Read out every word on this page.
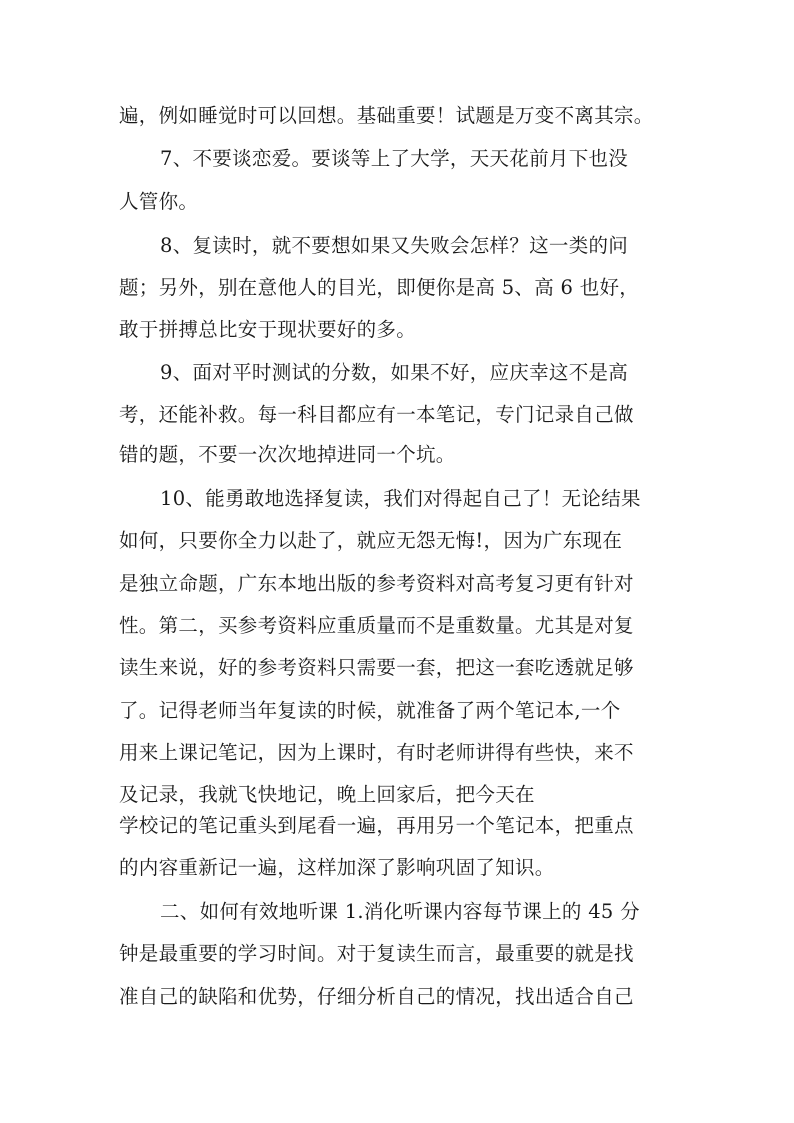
遍，例如睡觉时可以回想。基础重要！试题是万变不离其宗。
7、不要谈恋爱。要谈等上了大学，天天花前月下也没
人管你。
8、复读时，就不要想如果又失败会怎样？这一类的问
题；另外，别在意他人的目光，即便你是高 5、高 6 也好，
敢于拼搏总比安于现状要好的多。
9、面对平时测试的分数，如果不好，应庆幸这不是高
考，还能补救。每一科目都应有一本笔记，专门记录自己做
错的题，不要一次次地掉进同一个坑。
10、能勇敢地选择复读，我们对得起自己了！无论结果
如何，只要你全力以赴了，就应无怨无悔!，因为广东现在
是独立命题，广东本地出版的参考资料对高考复习更有针对
性。第二，买参考资料应重质量而不是重数量。尤其是对复
读生来说，好的参考资料只需要一套，把这一套吃透就足够
了。记得老师当年复读的时候，就准备了两个笔记本,一个
用来上课记笔记，因为上课时，有时老师讲得有些快，来不
及记录，我就飞快地记，晚上回家后，把今天在
学校记的笔记重头到尾看一遍，再用另一个笔记本，把重点
的内容重新记一遍，这样加深了影响巩固了知识。
二、如何有效地听课 1.消化听课内容每节课上的 45 分
钟是最重要的学习时间。对于复读生而言，最重要的就是找
准自己的缺陷和优势，仔细分析自己的情况，找出适合自己
